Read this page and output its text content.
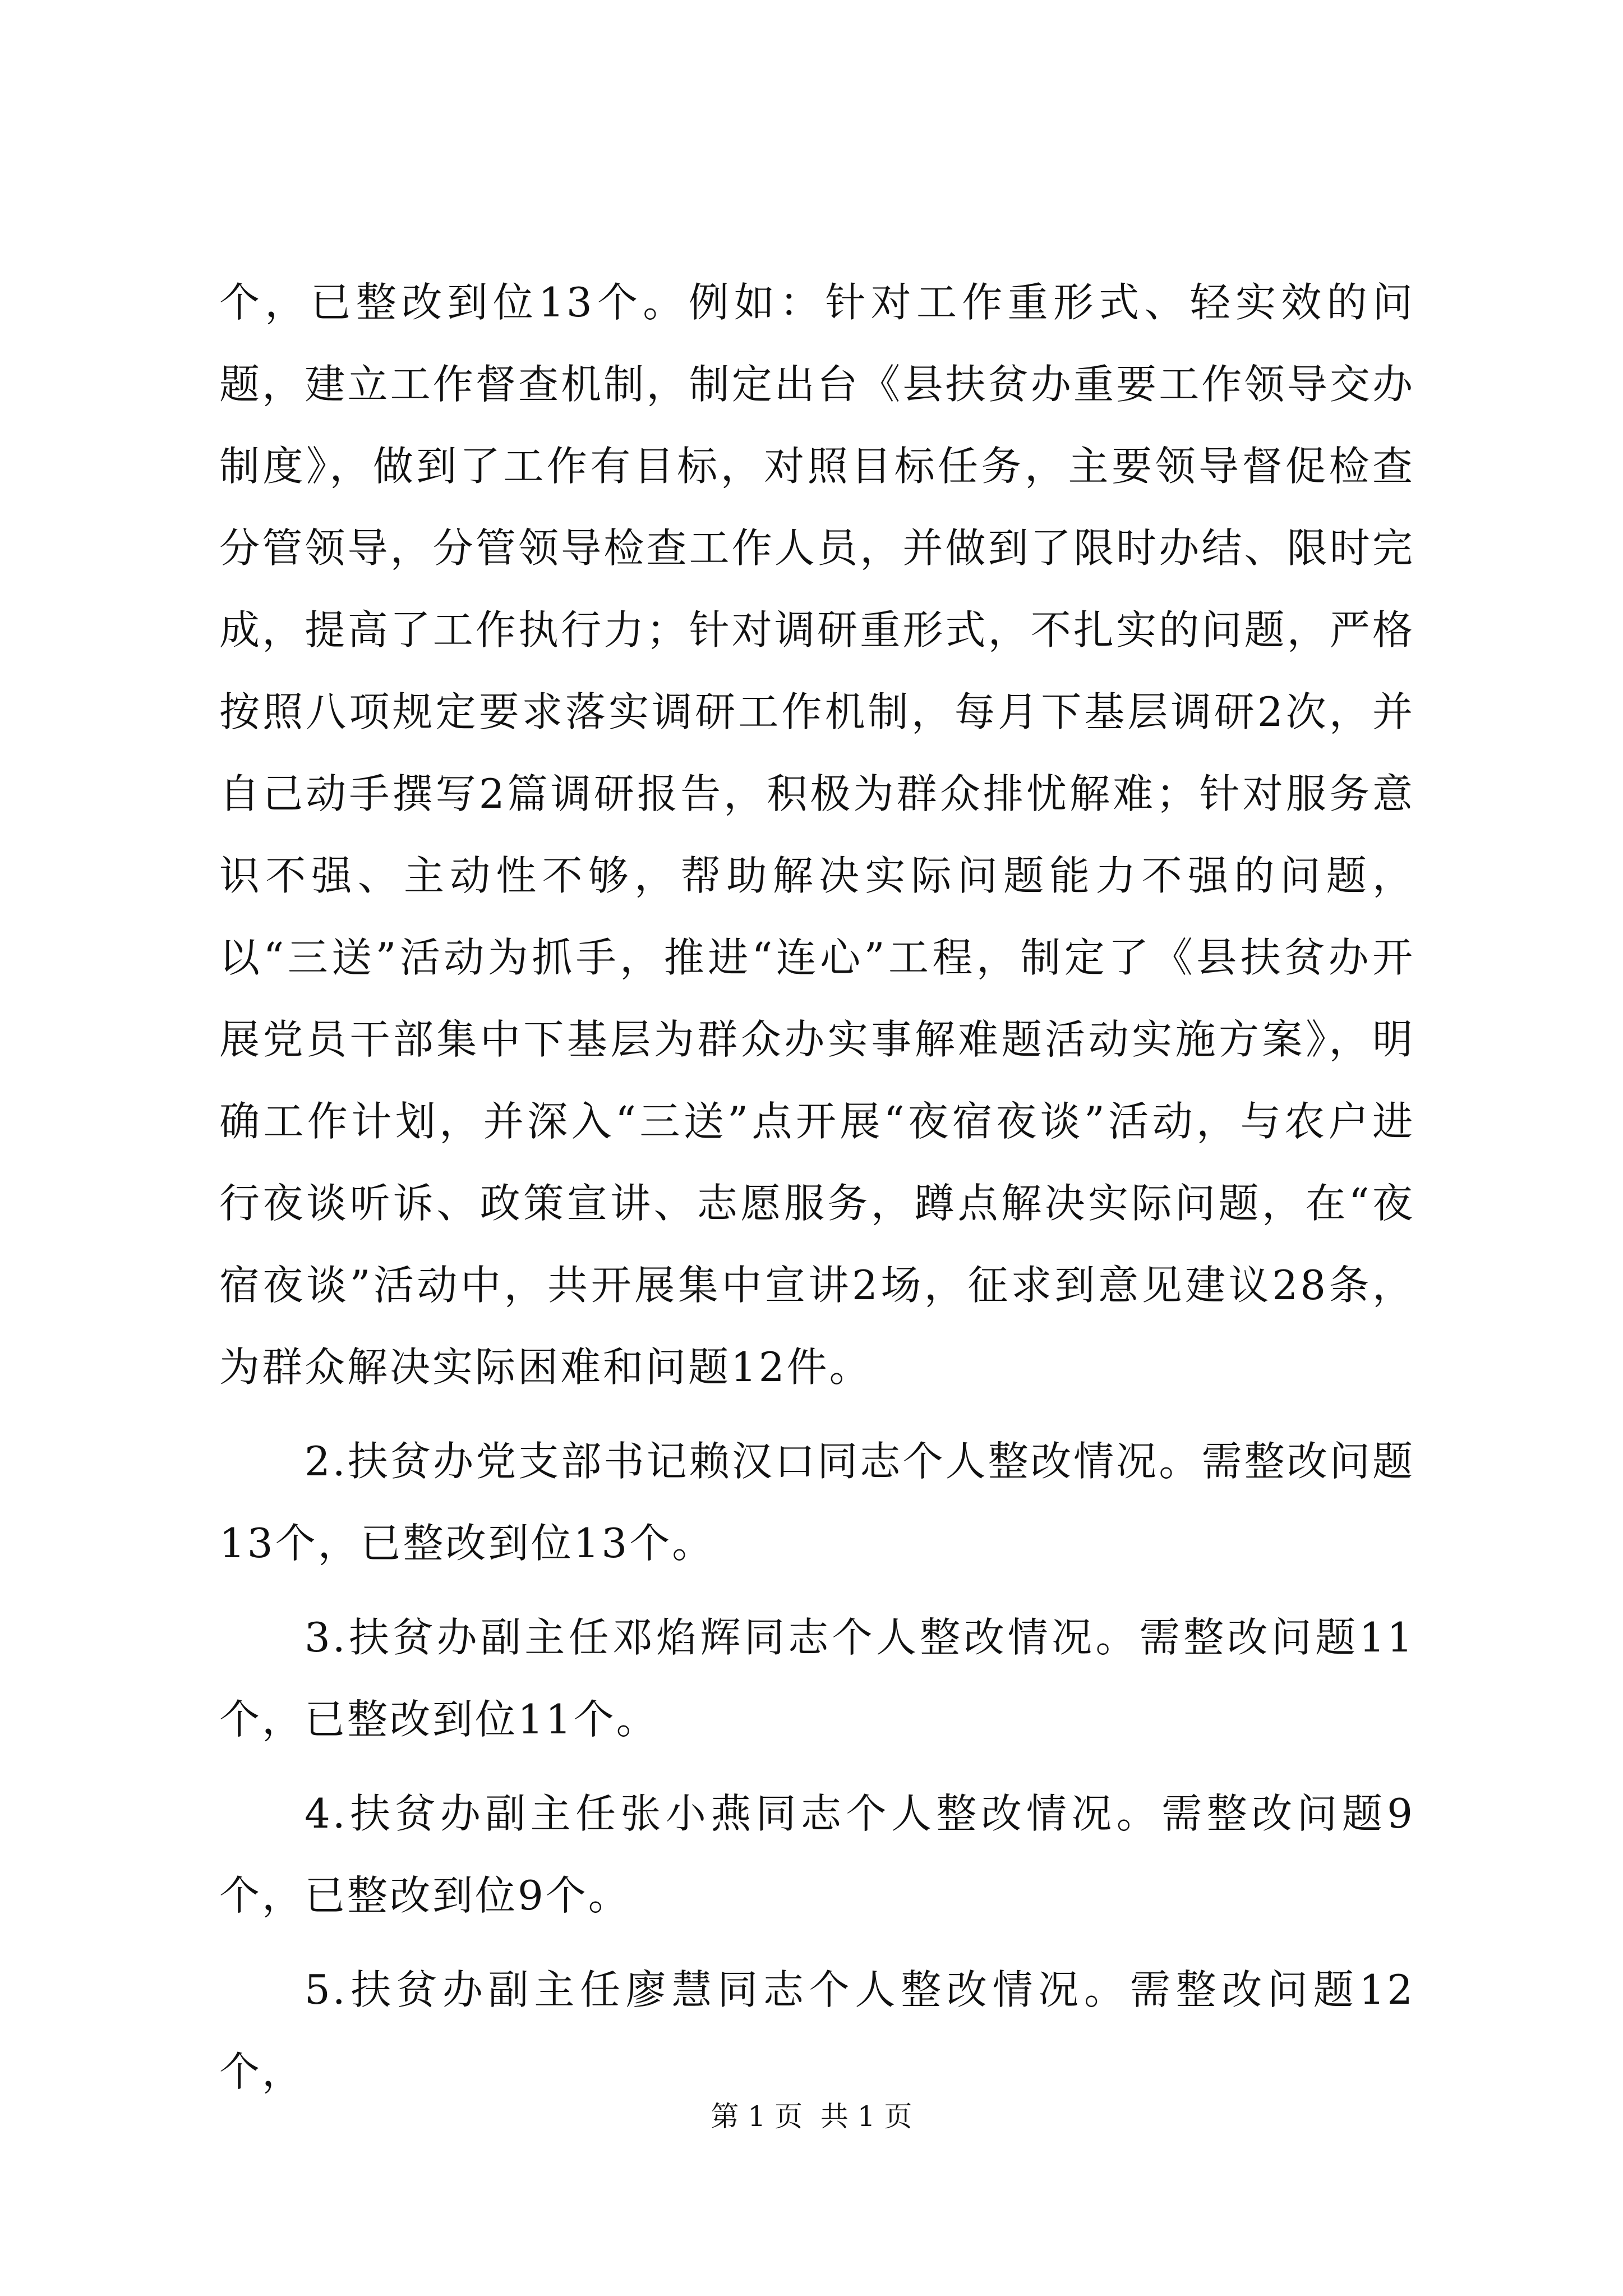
个，已整改到位13个。例如：针对工作重形式、轻实效的问题，建立工作督查机制，制定出台《县扶贫办重要工作领导交办制度》，做到了工作有目标，对照目标任务，主要领导督促检查分管领导，分管领导检查工作人员，并做到了限时办结、限时完成，提高了工作执行力；针对调研重形式，不扎实的问题，严格按照八项规定要求落实调研工作机制，每月下基层调研2次，并自己动手撰写2篇调研报告，积极为群众排忧解难；针对服务意识不强、主动性不够，帮助解决实际问题能力不强的问题，以“三送”活动为抓手，推进“连心”工程，制定了《县扶贫办开展党员干部集中下基层为群众办实事解难题活动实施方案》，明确工作计划，并深入“三送”点开展“夜宿夜谈”活动，与农户进行夜谈听诉、政策宣讲、志愿服务，蹲点解决实际问题，在“夜宿夜谈”活动中，共开展集中宣讲2场，征求到意见建议28条，为群众解决实际困难和问题12件。

2.扶贫办党支部书记赖汉口同志个人整改情况。需整改问题13个，已整改到位13个。

3.扶贫办副主任邓焰辉同志个人整改情况。需整改问题11个，已整改到位11个。

4.扶贫办副主任张小燕同志个人整改情况。需整改问题9个，已整改到位9个。

5.扶贫办副主任廖慧同志个人整改情况。需整改问题12个，

第 1 页  共 1 页
